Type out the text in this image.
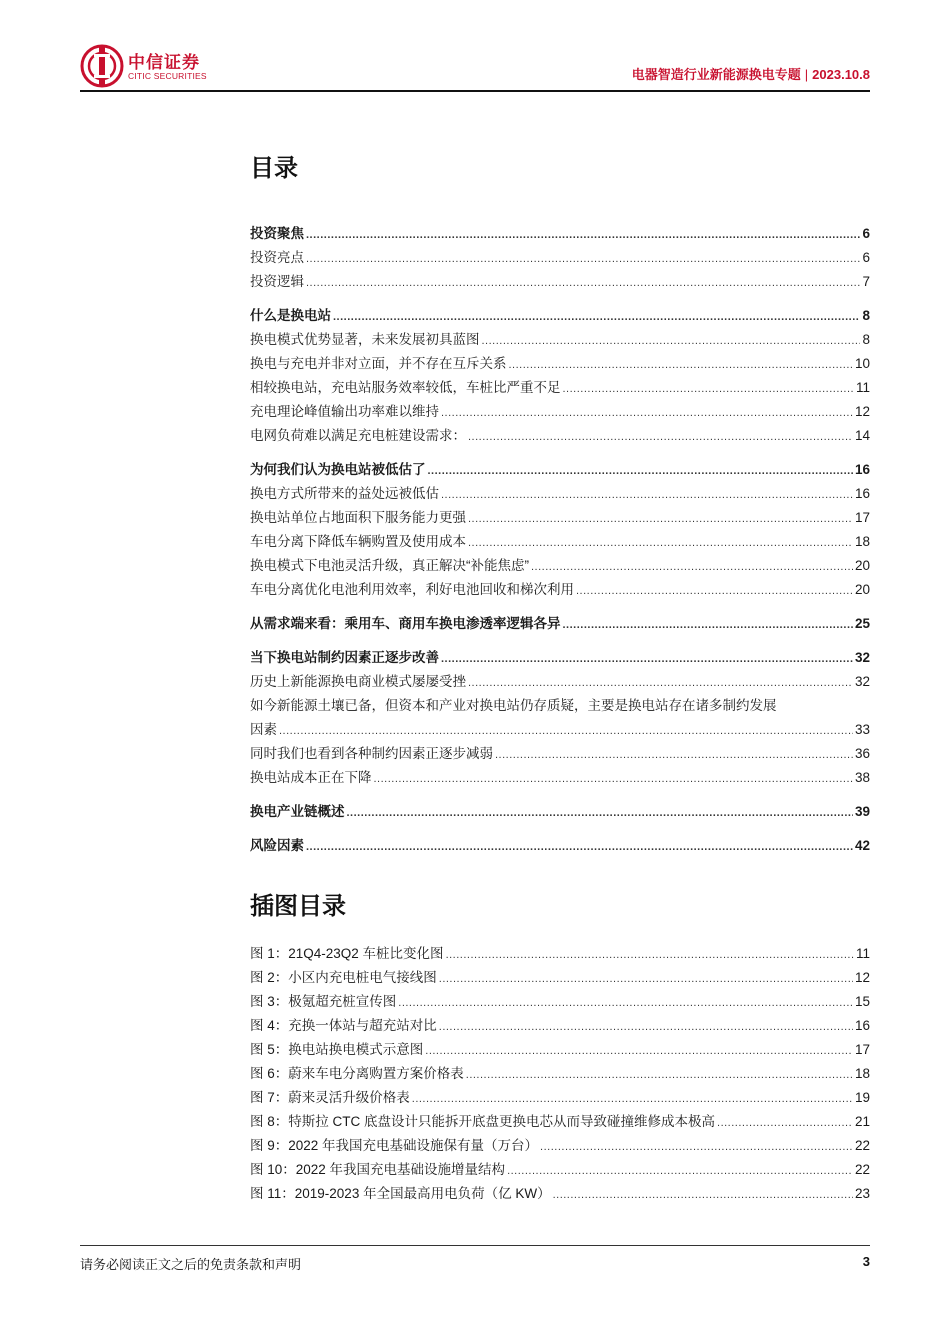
中信证券
CITIC SECURITIES	电器智造行业新能源换电专题 | 2023.10.8
目录
投资聚焦 .....	6
投资亮点 .....	6
投资逻辑 .....	7
什么是换电站 .....	8
换电模式优势显著，未来发展初具蓝图 .....	8
换电与充电并非对立面，并不存在互斥关系 .....	10
相较换电站，充电站服务效率较低，车桩比严重不足 .....	11
充电理论峰值输出功率难以维持 .....	12
电网负荷难以满足充电桩建设需求： .....	14
为何我们认为换电站被低估了 .....	16
换电方式所带来的益处远被低估 .....	16
换电站单位占地面积下服务能力更强 .....	17
车电分离下降低车辆购置及使用成本 .....	18
换电模式下电池灵活升级，真正解决“补能焦虑” .....	20
车电分离优化电池利用效率，利好电池回收和梯次利用 .....	20
从需求端来看：乘用车、商用车换电渗透率逻辑各异 .....	25
当下换电站制约因素正逐步改善 .....	32
历史上新能源换电商业模式屡屡受挫 .....	32
如今新能源土壤已备，但资本和产业对换电站仍存质疑，主要是换电站存在诸多制约发展
因素 .....	33
同时我们也看到各种制约因素正逐步减弱 .....	36
换电站成本正在下降 .....	38
换电产业链概述 .....	39
风险因素 .....	42
插图目录
图 1：21Q4-23Q2 车桩比变化图 .....	11
图 2：小区内充电桩电气接线图 .....	12
图 3：极氪超充桩宣传图 .....	15
图 4：充换一体站与超充站对比 .....	16
图 5：换电站换电模式示意图 .....	17
图 6：蔚来车电分离购置方案价格表 .....	18
图 7：蔚来灵活升级价格表 .....	19
图 8：特斯拉 CTC 底盘设计只能拆开底盘更换电芯从而导致碰撞维修成本极高 .....	21
图 9：2022 年我国充电基础设施保有量（万台） .....	22
图 10：2022 年我国充电基础设施增量结构 .....	22
图 11：2019-2023 年全国最高用电负荷（亿 KW） .....	23
请务必阅读正文之后的免责条款和声明	3
